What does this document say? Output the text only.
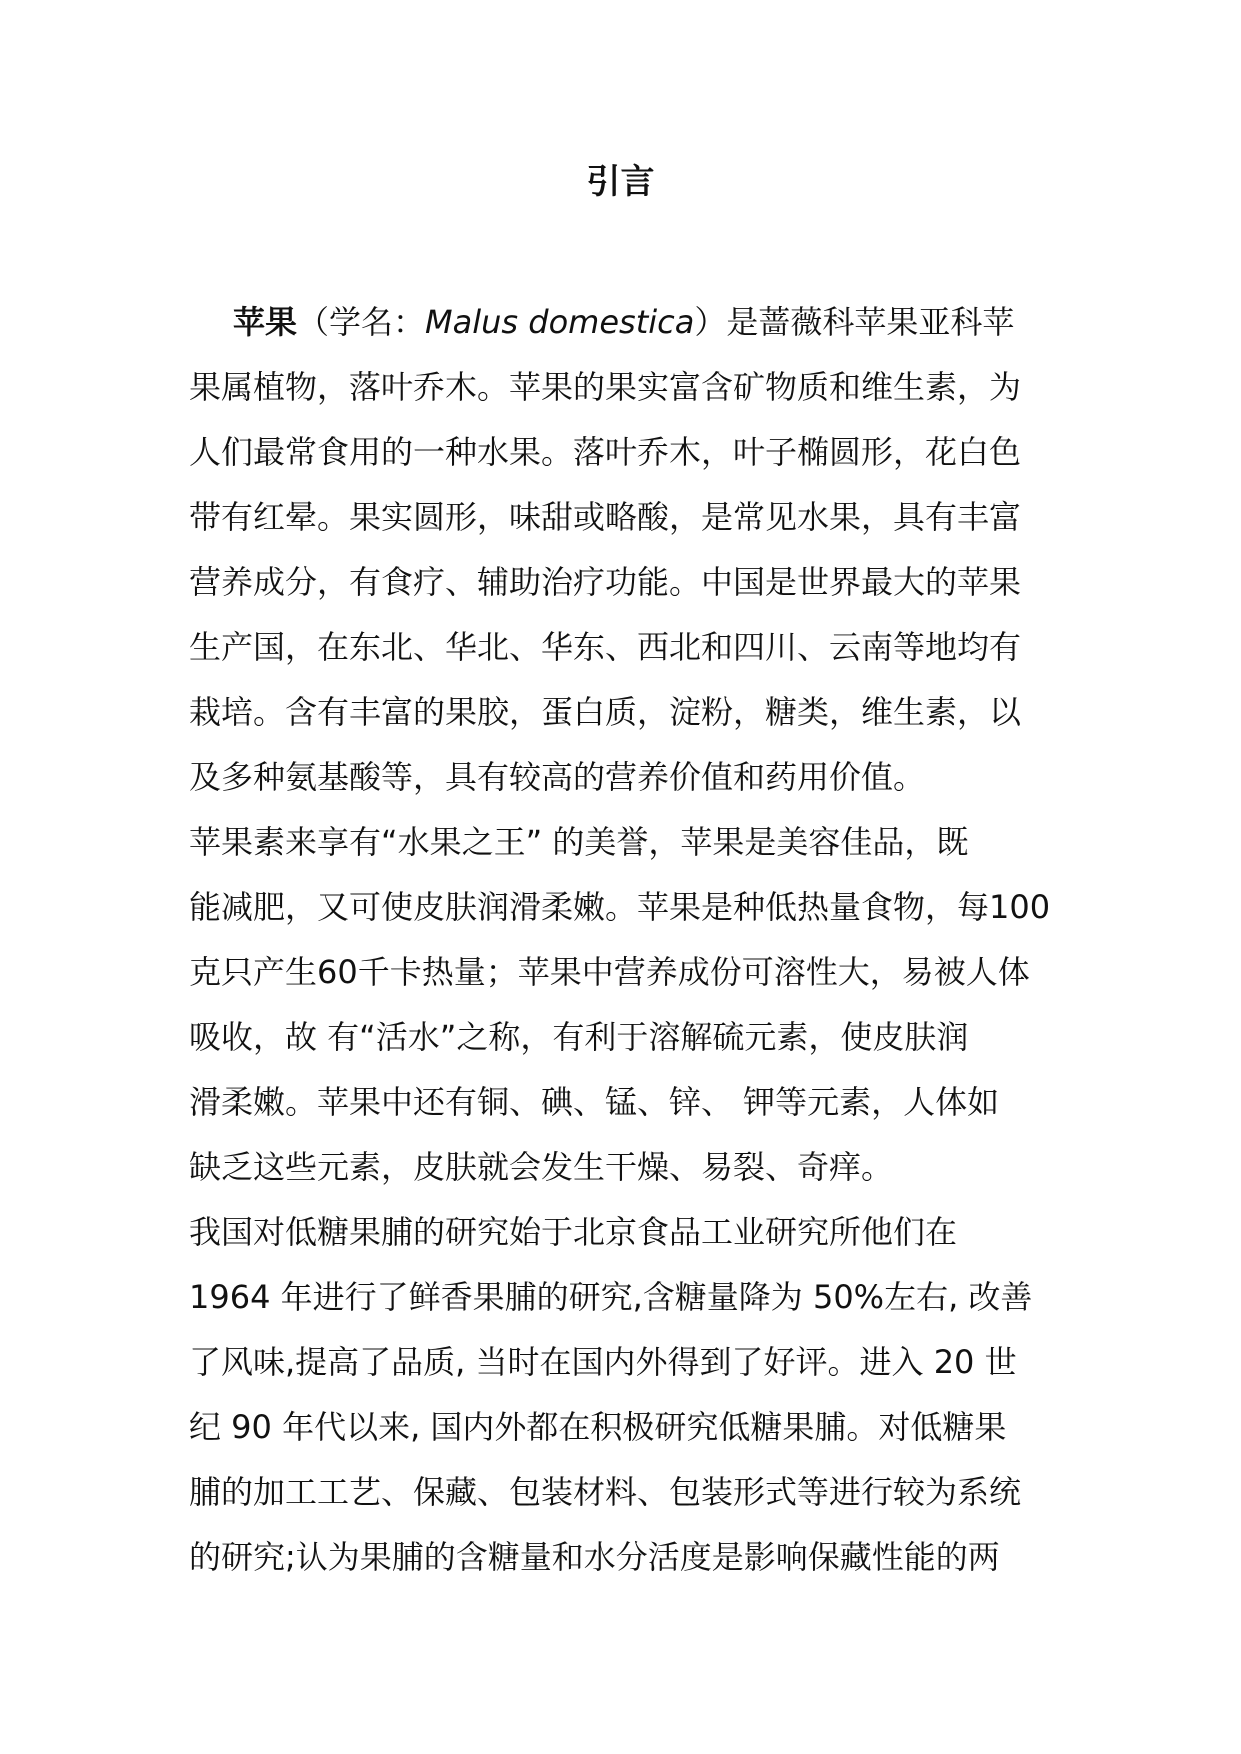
引言
苹果（学名：Malus domestica）是蔷薇科苹果亚科苹
果属植物，落叶乔木。苹果的果实富含矿物质和维生素，为
人们最常食用的一种水果。落叶乔木，叶子椭圆形，花白色
带有红晕。果实圆形，味甜或略酸，是常见水果，具有丰富
营养成分，有食疗、辅助治疗功能。中国是世界最大的苹果
生产国，在东北、华北、华东、西北和四川、云南等地均有
栽培。含有丰富的果胶，蛋白质，淀粉，糖类，维生素，以
及多种氨基酸等，具有较高的营养价值和药用价值。
苹果素来享有“水果之王” 的美誉，苹果是美容佳品，既
能减肥，又可使皮肤润滑柔嫩。苹果是种低热量食物，每100
克只产生60千卡热量；苹果中营养成份可溶性大，易被人体
吸收，故 有“活水”之称，有利于溶解硫元素，使皮肤润
滑柔嫩。苹果中还有铜、碘、锰、锌、 钾等元素，人体如
缺乏这些元素，皮肤就会发生干燥、易裂、奇痒。
我国对低糖果脯的研究始于北京食品工业研究所他们在
1964 年进行了鲜香果脯的研究,含糖量降为 50%左右, 改善
了风味,提高了品质, 当时在国内外得到了好评。进入 20 世
纪 90 年代以来, 国内外都在积极研究低糖果脯。对低糖果
脯的加工工艺、保藏、包装材料、包装形式等进行较为系统
的研究;认为果脯的含糖量和水分活度是影响保藏性能的两
